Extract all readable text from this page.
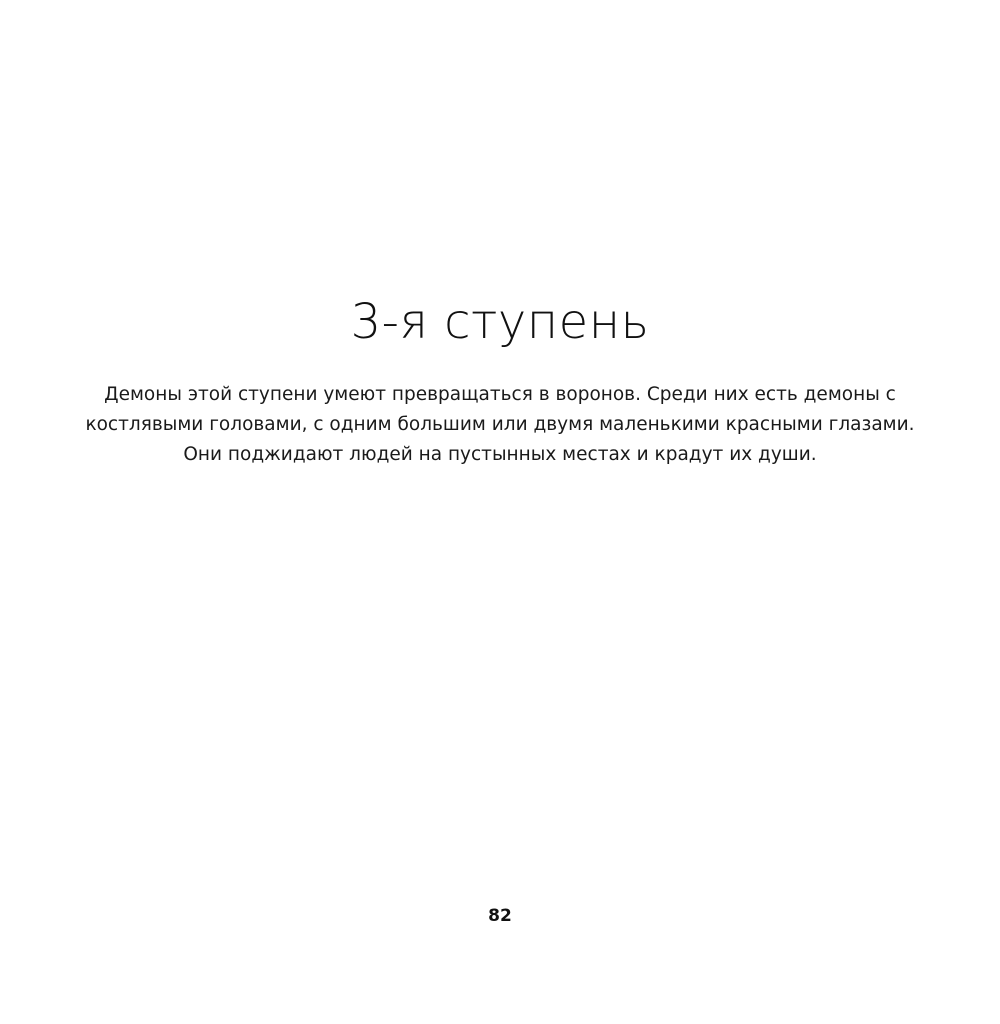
3-я ступень

Демоны этой ступени умеют превращаться в воронов. Среди них есть демоны с костлявыми головами, с одним большим или двумя маленькими красными глазами. Они поджидают людей на пустынных местах и крадут их души.

82
